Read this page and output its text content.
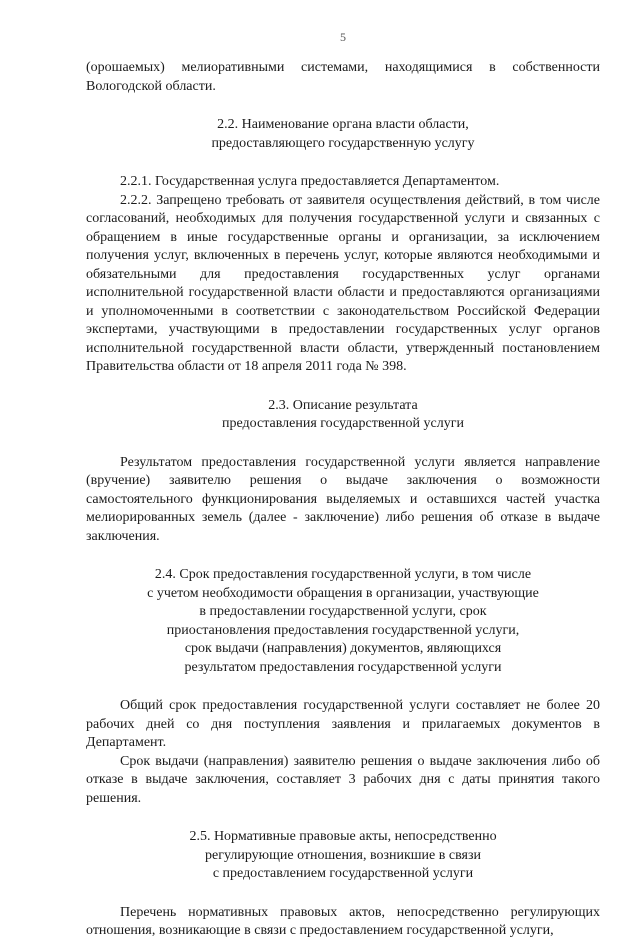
5

(орошаемых) мелиоративными системами, находящимися в собственности Вологодской области.

2.2. Наименование органа власти области,
предоставляющего государственную услугу

2.2.1. Государственная услуга предоставляется Департаментом.

2.2.2. Запрещено требовать от заявителя осуществления действий, в том числе согласований, необходимых для получения государственной услуги и связанных с обращением в иные государственные органы и организации, за исключением получения услуг, включенных в перечень услуг, которые являются необходимыми и обязательными для предоставления государственных услуг органами исполнительной государственной власти области и предоставляются организациями и уполномоченными в соответствии с законодательством Российской Федерации экспертами, участвующими в предоставлении государственных услуг органов исполнительной государственной власти области, утвержденный постановлением Правительства области от 18 апреля 2011 года № 398.

2.3. Описание результата
предоставления государственной услуги

Результатом предоставления государственной услуги является направление (вручение) заявителю решения о выдаче заключения о возможности самостоятельного функционирования выделяемых и оставшихся частей участка мелиорированных земель (далее - заключение) либо решения об отказе в выдаче заключения.

2.4. Срок предоставления государственной услуги, в том числе
с учетом необходимости обращения в организации, участвующие
в предоставлении государственной услуги, срок
приостановления предоставления государственной услуги,
срок выдачи (направления) документов, являющихся
результатом предоставления государственной услуги

Общий срок предоставления государственной услуги составляет не более 20 рабочих дней со дня поступления заявления и прилагаемых документов в Департамент.

Срок выдачи (направления) заявителю решения о выдаче заключения либо об отказе в выдаче заключения, составляет 3 рабочих дня с даты принятия такого решения.

2.5. Нормативные правовые акты, непосредственно
регулирующие отношения, возникшие в связи
с предоставлением государственной услуги

Перечень нормативных правовых актов, непосредственно регулирующих отношения, возникающие в связи с предоставлением государственной услуги,
